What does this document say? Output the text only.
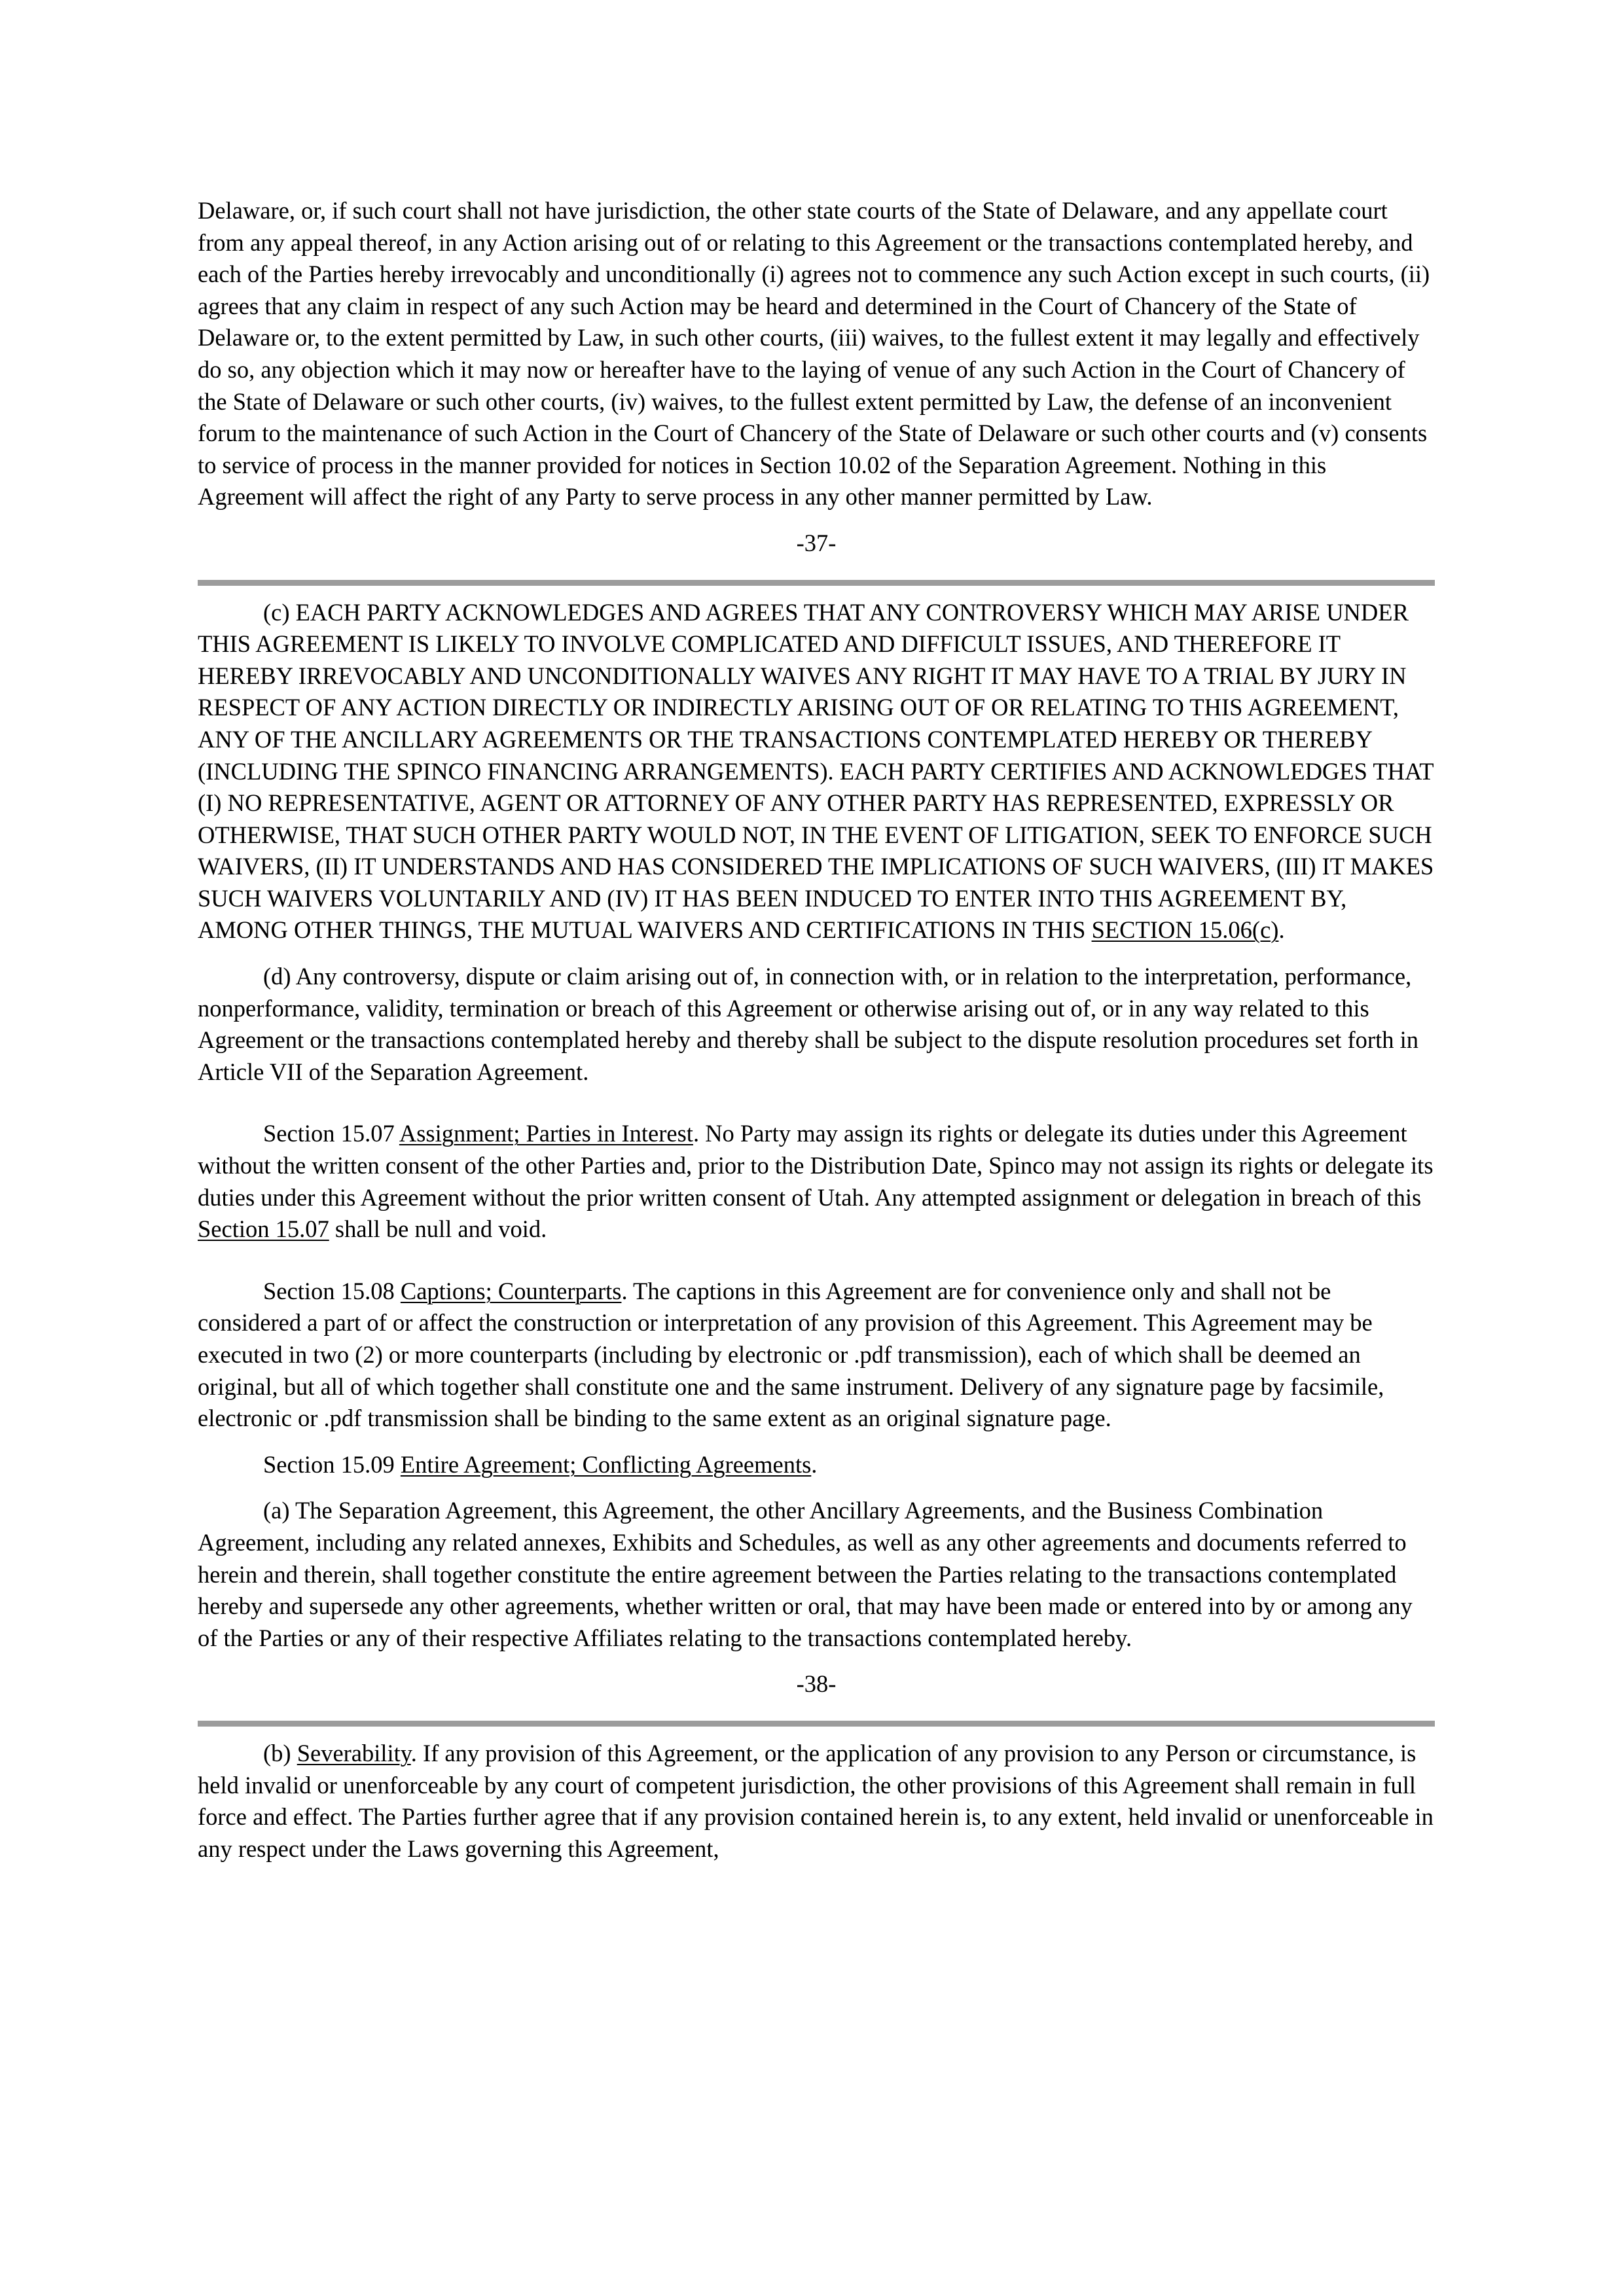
Delaware, or, if such court shall not have jurisdiction, the other state courts of the State of Delaware, and any appellate court from any appeal thereof, in any Action arising out of or relating to this Agreement or the transactions contemplated hereby, and each of the Parties hereby irrevocably and unconditionally (i) agrees not to commence any such Action except in such courts, (ii) agrees that any claim in respect of any such Action may be heard and determined in the Court of Chancery of the State of Delaware or, to the extent permitted by Law, in such other courts, (iii) waives, to the fullest extent it may legally and effectively do so, any objection which it may now or hereafter have to the laying of venue of any such Action in the Court of Chancery of the State of Delaware or such other courts, (iv) waives, to the fullest extent permitted by Law, the defense of an inconvenient forum to the maintenance of such Action in the Court of Chancery of the State of Delaware or such other courts and (v) consents to service of process in the manner provided for notices in Section 10.02 of the Separation Agreement. Nothing in this Agreement will affect the right of any Party to serve process in any other manner permitted by Law.

-37-

(c) EACH PARTY ACKNOWLEDGES AND AGREES THAT ANY CONTROVERSY WHICH MAY ARISE UNDER THIS AGREEMENT IS LIKELY TO INVOLVE COMPLICATED AND DIFFICULT ISSUES, AND THEREFORE IT HEREBY IRREVOCABLY AND UNCONDITIONALLY WAIVES ANY RIGHT IT MAY HAVE TO A TRIAL BY JURY IN RESPECT OF ANY ACTION DIRECTLY OR INDIRECTLY ARISING OUT OF OR RELATING TO THIS AGREEMENT, ANY OF THE ANCILLARY AGREEMENTS OR THE TRANSACTIONS CONTEMPLATED HEREBY OR THEREBY (INCLUDING THE SPINCO FINANCING ARRANGEMENTS). EACH PARTY CERTIFIES AND ACKNOWLEDGES THAT (I) NO REPRESENTATIVE, AGENT OR ATTORNEY OF ANY OTHER PARTY HAS REPRESENTED, EXPRESSLY OR OTHERWISE, THAT SUCH OTHER PARTY WOULD NOT, IN THE EVENT OF LITIGATION, SEEK TO ENFORCE SUCH WAIVERS, (II) IT UNDERSTANDS AND HAS CONSIDERED THE IMPLICATIONS OF SUCH WAIVERS, (III) IT MAKES SUCH WAIVERS VOLUNTARILY AND (IV) IT HAS BEEN INDUCED TO ENTER INTO THIS AGREEMENT BY, AMONG OTHER THINGS, THE MUTUAL WAIVERS AND CERTIFICATIONS IN THIS SECTION 15.06(c).

(d) Any controversy, dispute or claim arising out of, in connection with, or in relation to the interpretation, performance, nonperformance, validity, termination or breach of this Agreement or otherwise arising out of, or in any way related to this Agreement or the transactions contemplated hereby and thereby shall be subject to the dispute resolution procedures set forth in Article VII of the Separation Agreement.

Section 15.07 Assignment; Parties in Interest. No Party may assign its rights or delegate its duties under this Agreement without the written consent of the other Parties and, prior to the Distribution Date, Spinco may not assign its rights or delegate its duties under this Agreement without the prior written consent of Utah. Any attempted assignment or delegation in breach of this Section 15.07 shall be null and void.

Section 15.08 Captions; Counterparts. The captions in this Agreement are for convenience only and shall not be considered a part of or affect the construction or interpretation of any provision of this Agreement. This Agreement may be executed in two (2) or more counterparts (including by electronic or .pdf transmission), each of which shall be deemed an original, but all of which together shall constitute one and the same instrument. Delivery of any signature page by facsimile, electronic or .pdf transmission shall be binding to the same extent as an original signature page.

Section 15.09 Entire Agreement; Conflicting Agreements.

(a) The Separation Agreement, this Agreement, the other Ancillary Agreements, and the Business Combination Agreement, including any related annexes, Exhibits and Schedules, as well as any other agreements and documents referred to herein and therein, shall together constitute the entire agreement between the Parties relating to the transactions contemplated hereby and supersede any other agreements, whether written or oral, that may have been made or entered into by or among any of the Parties or any of their respective Affiliates relating to the transactions contemplated hereby.

-38-

(b) Severability. If any provision of this Agreement, or the application of any provision to any Person or circumstance, is held invalid or unenforceable by any court of competent jurisdiction, the other provisions of this Agreement shall remain in full force and effect. The Parties further agree that if any provision contained herein is, to any extent, held invalid or unenforceable in any respect under the Laws governing this Agreement,
